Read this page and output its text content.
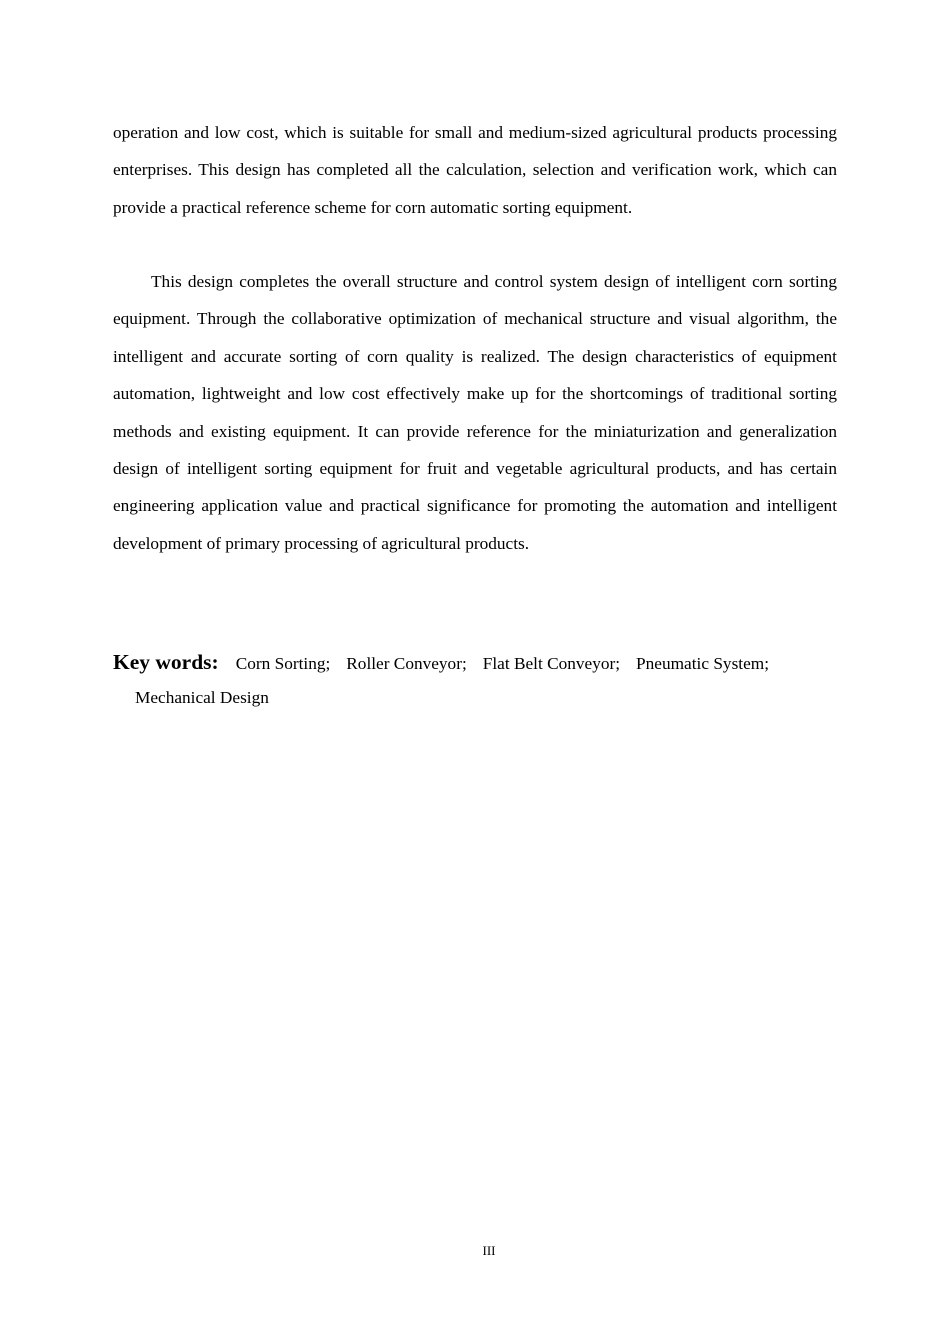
operation and low cost, which is suitable for small and medium-sized agricultural products processing enterprises. This design has completed all the calculation, selection and verification work, which can provide a practical reference scheme for corn automatic sorting equipment.

This design completes the overall structure and control system design of intelligent corn sorting equipment. Through the collaborative optimization of mechanical structure and visual algorithm, the intelligent and accurate sorting of corn quality is realized. The design characteristics of equipment automation, lightweight and low cost effectively make up for the shortcomings of traditional sorting methods and existing equipment. It can provide reference for the miniaturization and generalization design of intelligent sorting equipment for fruit and vegetable agricultural products, and has certain engineering application value and practical significance for promoting the automation and intelligent development of primary processing of agricultural products.

Key words: Corn Sorting; Roller Conveyor; Flat Belt Conveyor; Pneumatic System;
Mechanical Design
III
